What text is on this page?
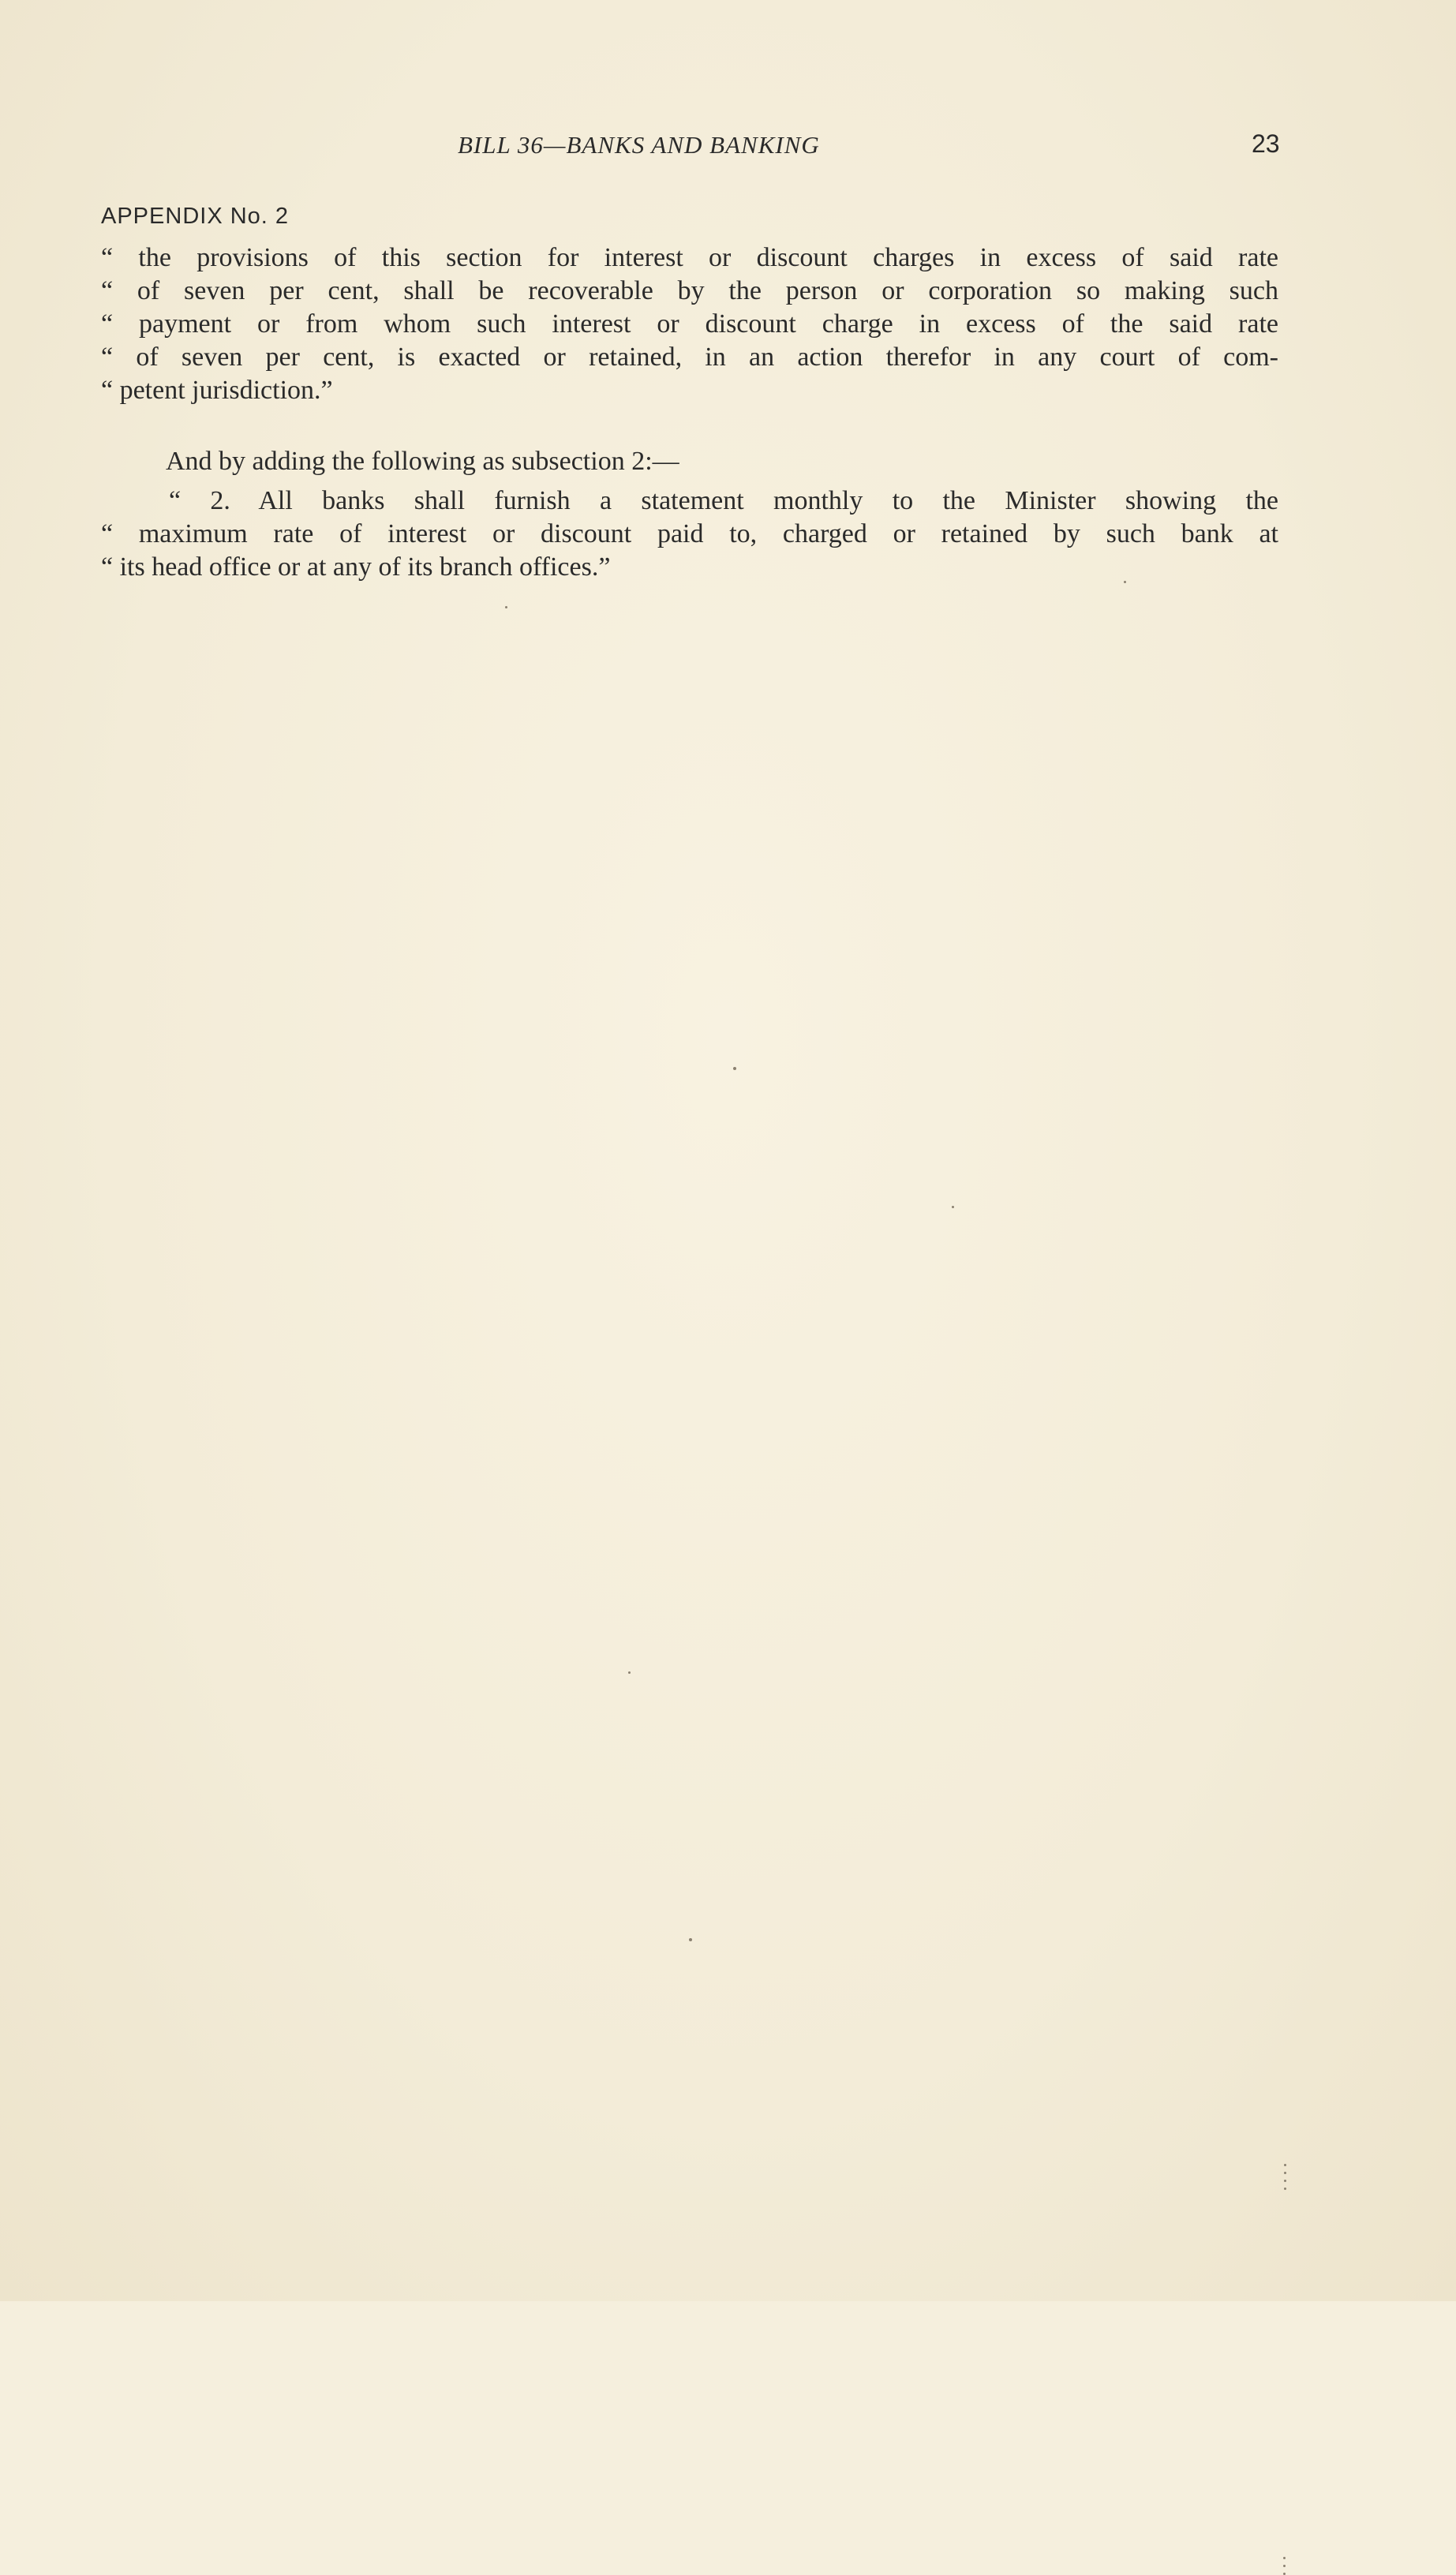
BILL 36—BANKS AND BANKING	23
APPENDIX No. 2
“ the provisions of this section for interest or discount charges in excess of said rate
“ of seven per cent, shall be recoverable by the person or corporation so making such
“ payment or from whom such interest or discount charge in excess of the said rate
“ of seven per cent, is exacted or retained, in an action therefor in any court of com-
“ petent jurisdiction.”
And by adding the following as subsection 2:—
“ 2. All banks shall furnish a statement monthly to the Minister showing the
“ maximum rate of interest or discount paid to, charged or retained by such bank at
“ its head office or at any of its branch offices.”
